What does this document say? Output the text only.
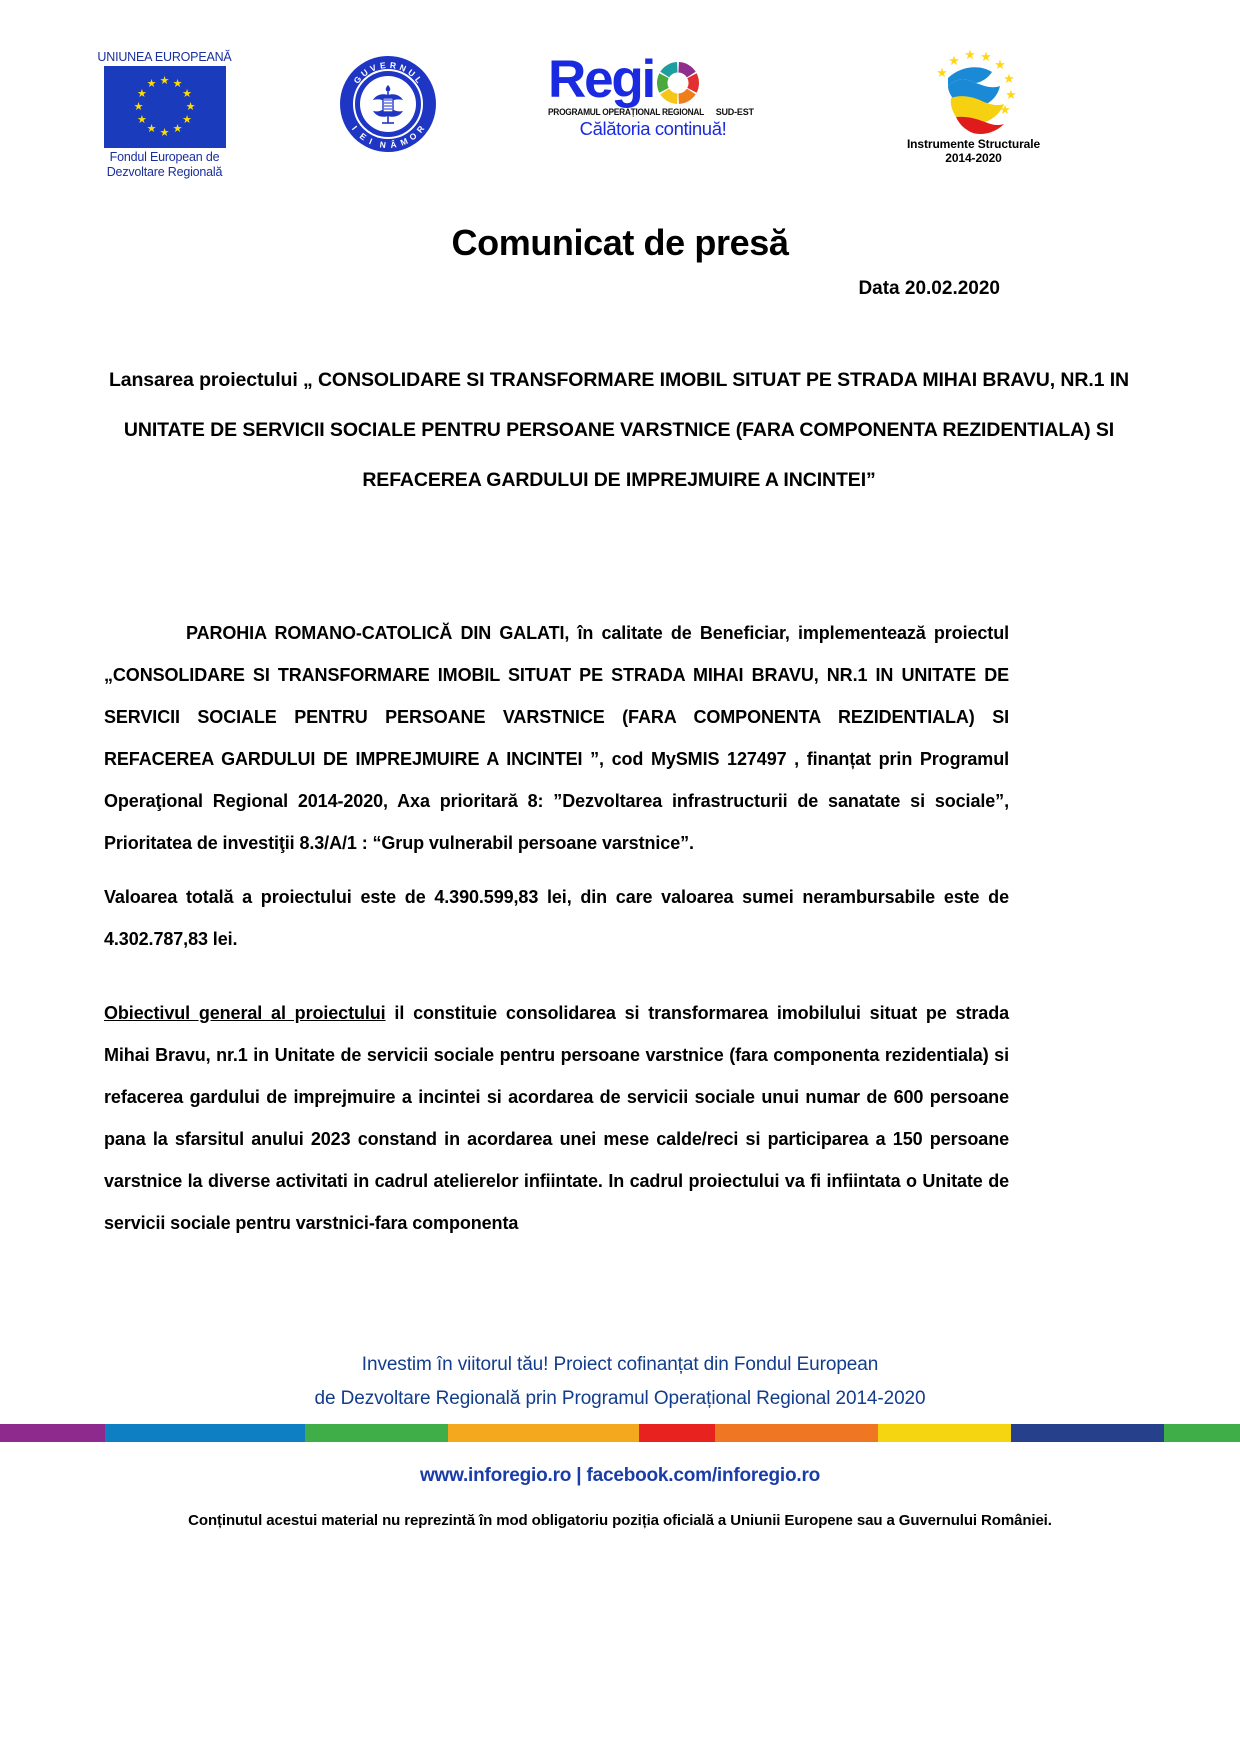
UNIUNEA EUROPEANĂ
★ ★
★
★
★
★
★
★
★
★
★
★
Fondul European de
Dezvoltare Regională
G
U
V E R N
U
L
R
O
M
Â
N
I
E
I
Regi
PROGRAMUL OPERAȚIONAL REGIONAL SUD-EST
Călătoria continuă!
★ ★
★
★
★
★
★
★
Instrumente Structurale
2014-2020
Comunicat de presă
Data 20.02.2020
Lansarea proiectului „ CONSOLIDARE SI TRANSFORMARE IMOBIL SITUAT PE STRADA MIHAI BRAVU, NR.1 IN UNITATE DE SERVICII SOCIALE PENTRU PERSOANE VARSTNICE (FARA COMPONENTA REZIDENTIALA) SI REFACEREA GARDULUI DE IMPREJMUIRE A INCINTEI”

PAROHIA ROMANO-CATOLICĂ DIN GALATI, în calitate de Beneficiar, implementează proiectul „CONSOLIDARE SI TRANSFORMARE IMOBIL SITUAT PE STRADA MIHAI BRAVU, NR.1 IN UNITATE DE SERVICII SOCIALE PENTRU PERSOANE VARSTNICE (FARA COMPONENTA REZIDENTIALA) SI REFACEREA GARDULUI DE IMPREJMUIRE A INCINTEI ”, cod MySMIS 127497 , finanțat prin Programul Operaţional Regional 2014-2020, Axa prioritară 8: ”Dezvoltarea infrastructurii de sanatate si sociale”, Prioritatea de investiţii 8.3/A/1 : “Grup vulnerabil persoane varstnice”.

Valoarea totală a proiectului este de 4.390.599,83 lei, din care valoarea sumei nerambursabile este de 4.302.787,83 lei.

Obiectivul general al proiectului il constituie consolidarea si transformarea imobilului situat pe strada Mihai Bravu, nr.1 in Unitate de servicii sociale pentru persoane varstnice (fara componenta rezidentiala) si refacerea gardului de imprejmuire a incintei si acordarea de servicii sociale unui numar de 600 persoane pana la sfarsitul anului 2023 constand in acordarea unei mese calde/reci si participarea a 150 persoane varstnice la diverse activitati in cadrul atelierelor infiintate. In cadrul proiectului va fi infiintata o Unitate de servicii sociale pentru varstnici-fara componenta

Investim în viitorul tău! Proiect cofinanțat din Fondul European
de Dezvoltare Regională prin Programul Operațional Regional 2014-2020
www.inforegio.ro | facebook.com/inforegio.ro
Conținutul acestui material nu reprezintă în mod obligatoriu poziția oficială a Uniunii Europene sau a Guvernului României.
